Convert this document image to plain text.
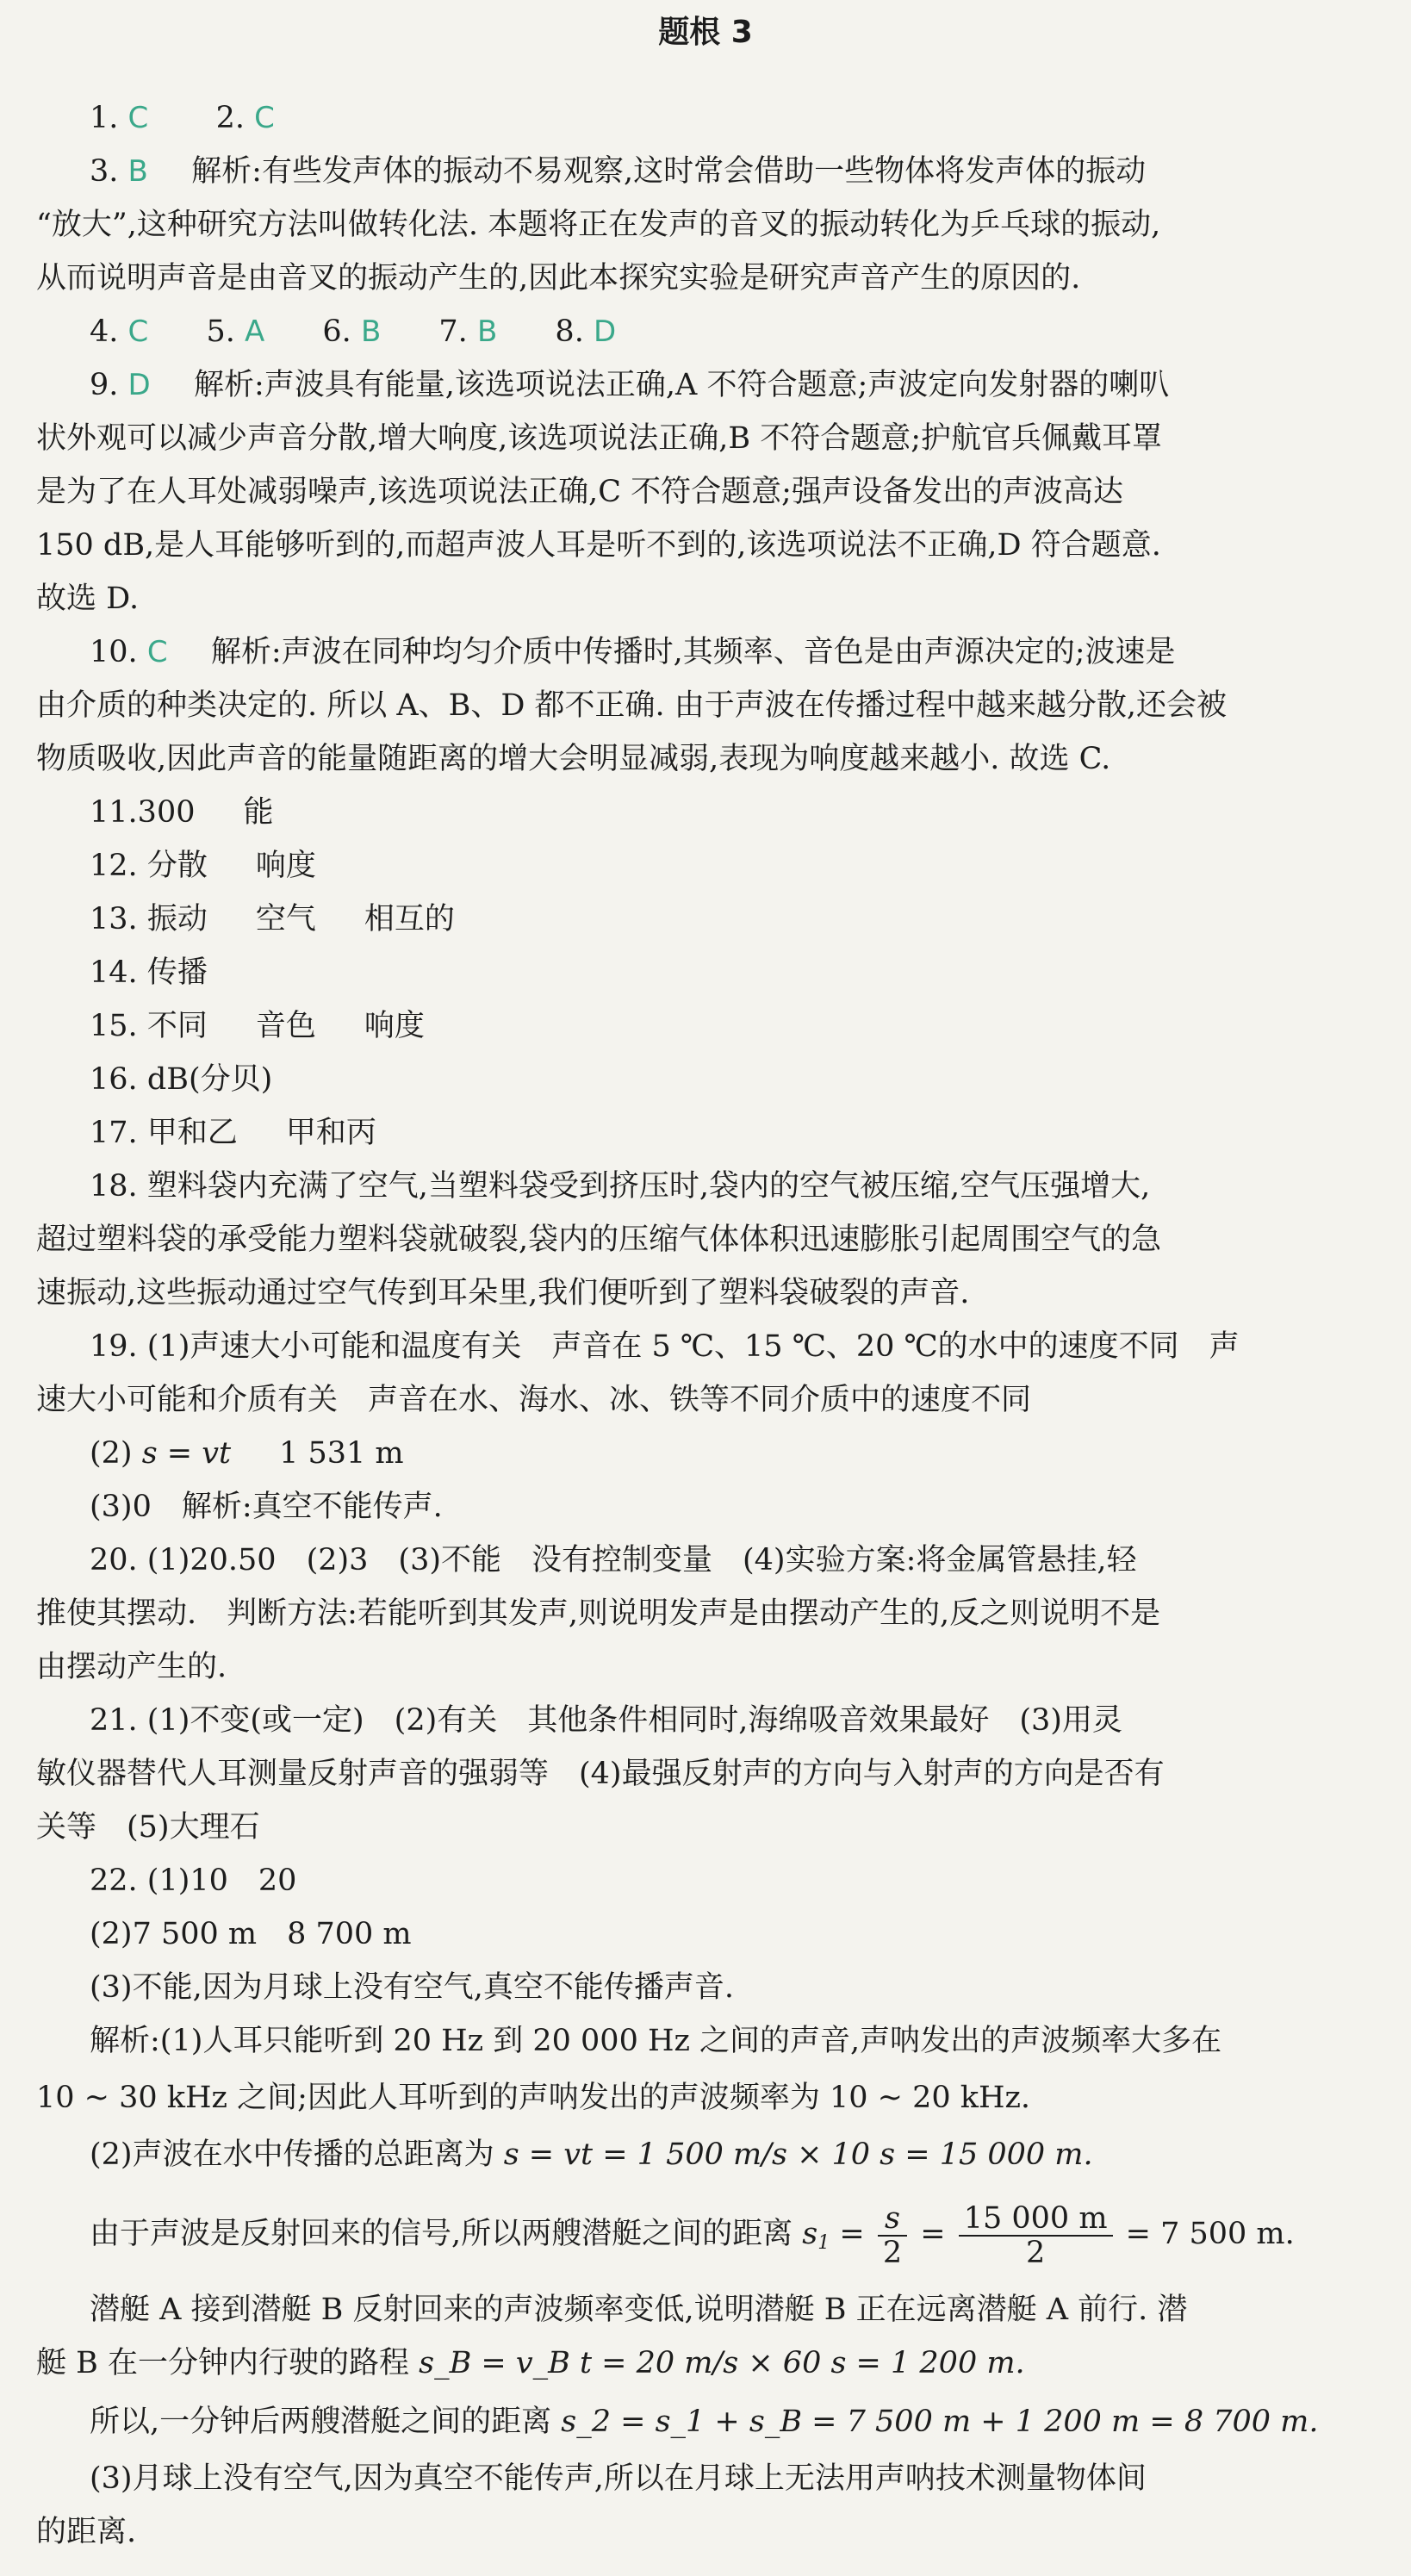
题根 3
1. C 2. C
3. B 解析:有些发声体的振动不易观察,这时常会借助一些物体将发声体的振动
“放大”,这种研究方法叫做转化法. 本题将正在发声的音叉的振动转化为乒乓球的振动,
从而说明声音是由音叉的振动产生的,因此本探究实验是研究声音产生的原因的.
4. C 5. A 6. B 7. B 8. D
9. D 解析:声波具有能量,该选项说法正确,A 不符合题意;声波定向发射器的喇叭
状外观可以减少声音分散,增大响度,该选项说法正确,B 不符合题意;护航官兵佩戴耳罩
是为了在人耳处减弱噪声,该选项说法正确,C 不符合题意;强声设备发出的声波高达
150 dB,是人耳能够听到的,而超声波人耳是听不到的,该选项说法不正确,D 符合题意.
故选 D.
10. C 解析:声波在同种均匀介质中传播时,其频率、音色是由声源决定的;波速是
由介质的种类决定的. 所以 A、B、D 都不正确. 由于声波在传播过程中越来越分散,还会被
物质吸收,因此声音的能量随距离的增大会明显减弱,表现为响度越来越小. 故选 C.
11.300 能
12. 分散 响度
13. 振动 空气 相互的
14. 传播
15. 不同 音色 响度
16. dB(分贝)
17. 甲和乙 甲和丙
18. 塑料袋内充满了空气,当塑料袋受到挤压时,袋内的空气被压缩,空气压强增大,
超过塑料袋的承受能力塑料袋就破裂,袋内的压缩气体体积迅速膨胀引起周围空气的急
速振动,这些振动通过空气传到耳朵里,我们便听到了塑料袋破裂的声音.
19. (1)声速大小可能和温度有关　声音在 5 ℃、15 ℃、20 ℃的水中的速度不同　声
速大小可能和介质有关　声音在水、海水、冰、铁等不同介质中的速度不同
(2) s = vt 1 531 m
(3)0　解析:真空不能传声.
20. (1)20.50　(2)3　(3)不能　没有控制变量　(4)实验方案:将金属管悬挂,轻
推使其摆动.　判断方法:若能听到其发声,则说明发声是由摆动产生的,反之则说明不是
由摆动产生的.
21. (1)不变(或一定)　(2)有关　其他条件相同时,海绵吸音效果最好　(3)用灵
敏仪器替代人耳测量反射声音的强弱等　(4)最强反射声的方向与入射声的方向是否有
关等　(5)大理石
22. (1)10　20
(2)7 500 m　8 700 m
(3)不能,因为月球上没有空气,真空不能传播声音.
解析:(1)人耳只能听到 20 Hz 到 20 000 Hz 之间的声音,声呐发出的声波频率大多在
10 ~ 30 kHz 之间;因此人耳听到的声呐发出的声波频率为 10 ~ 20 kHz.
(2)声波在水中传播的总距离为 s = vt = 1 500 m/s × 10 s = 15 000 m.
由于声波是反射回来的信号,所以两艘潜艇之间的距离 $s1 = \frac{s}{2} = \frac{15 000 m}{2} = 7$ 500 m.
潜艇 A 接到潜艇 B 反射回来的声波频率变低,说明潜艇 B 正在远离潜艇 A 前行. 潜
艇 B 在一分钟内行驶的路程 s_B = v_B t = 20 m/s × 60 s = 1 200 m.
所以,一分钟后两艘潜艇之间的距离 s_2 = s_1 + s_B = 7 500 m + 1 200 m = 8 700 m.
(3)月球上没有空气,因为真空不能传声,所以在月球上无法用声呐技术测量物体间
的距离.
